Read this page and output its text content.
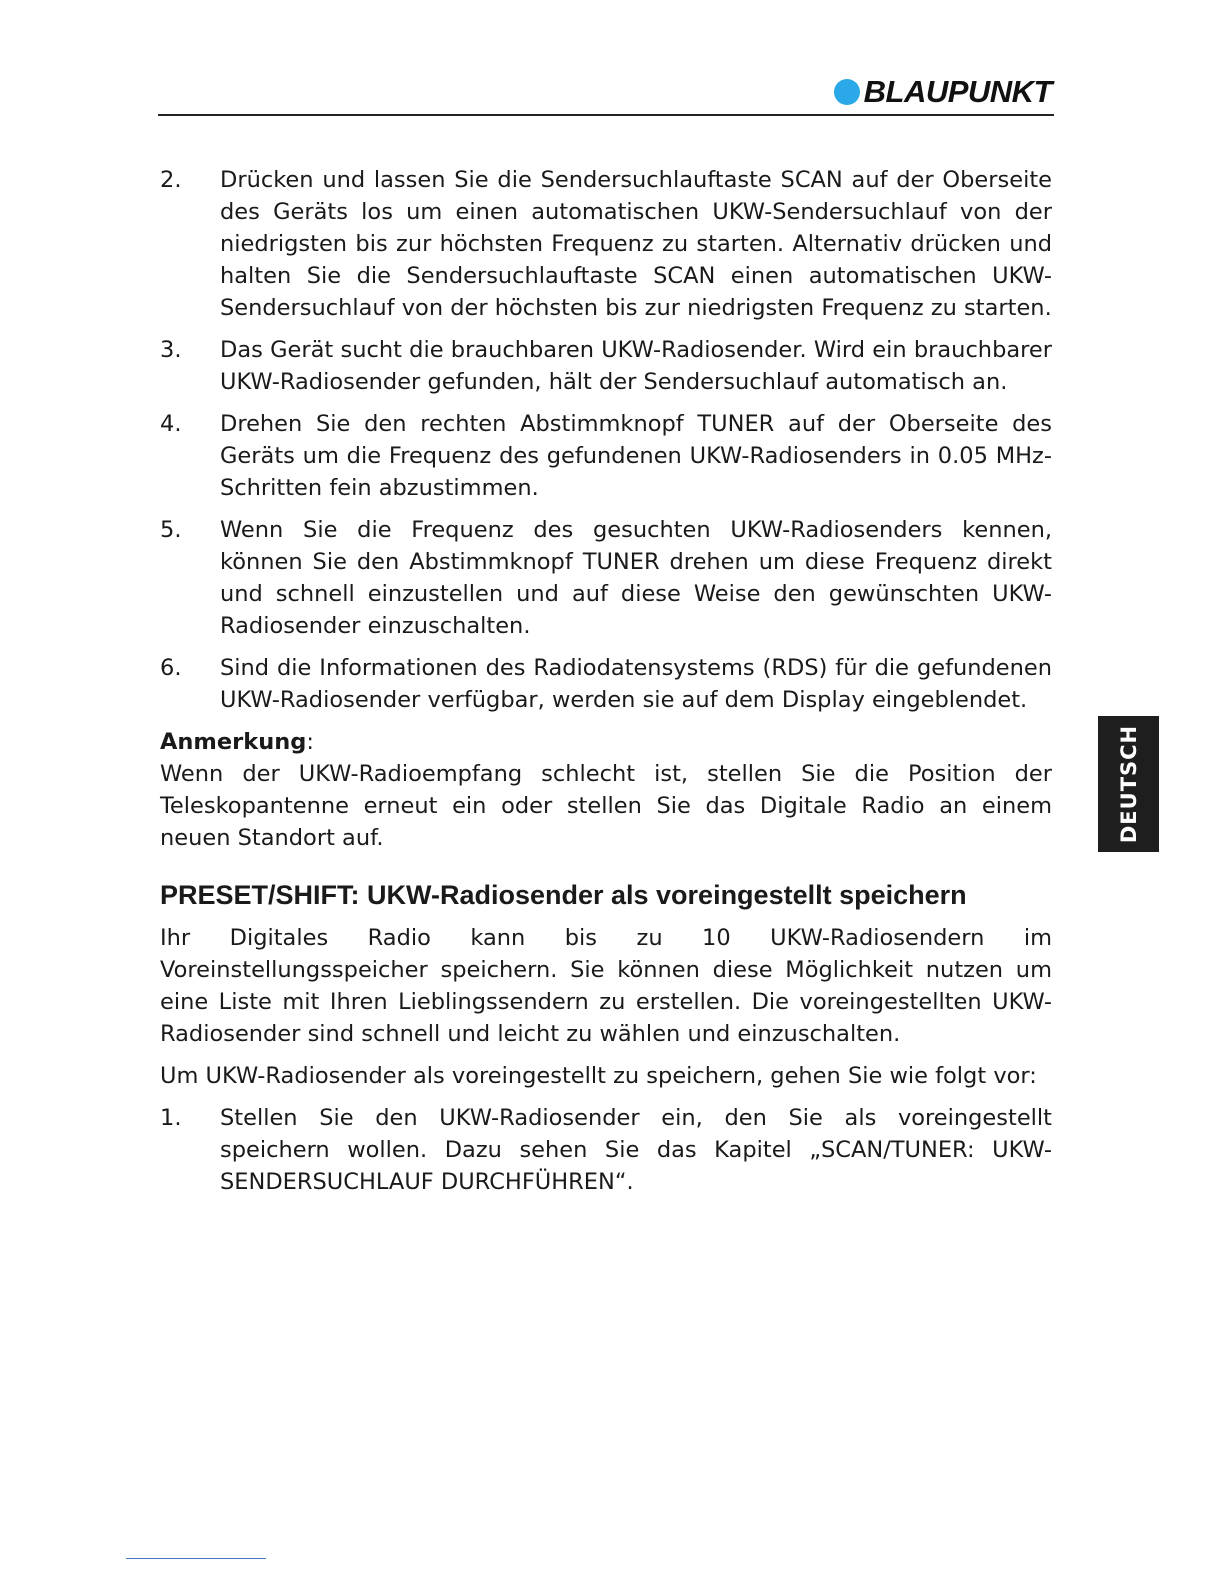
BLAUPUNKT
2.	Drücken und lassen Sie die Sendersuchlauftaste SCAN auf der Oberseite des Geräts los um einen automatischen UKW-Sendersuchlauf von der niedrigsten bis zur höchsten Frequenz zu starten. Alternativ drücken und halten Sie die Sendersuchlauftaste SCAN einen automatischen UKW-Sendersuchlauf von der höchsten bis zur niedrigsten Frequenz zu starten.
3.	Das Gerät sucht die brauchbaren UKW-Radiosender. Wird ein brauchbarer UKW-Radiosender gefunden, hält der Sendersuchlauf automatisch an.
4.	Drehen Sie den rechten Abstimmknopf TUNER auf der Oberseite des Geräts um die Frequenz des gefundenen UKW-Radiosenders in 0.05 MHz-Schritten fein abzustimmen.
5.	Wenn Sie die Frequenz des gesuchten UKW-Radiosenders kennen, können Sie den Abstimmknopf TUNER drehen um diese Frequenz direkt und schnell einzustellen und auf diese Weise den gewünschten UKW-Radiosender einzuschalten.
6.	Sind die Informationen des Radiodatensystems (RDS) für die gefundenen UKW-Radiosender verfügbar, werden sie auf dem Display eingeblendet.
Anmerkung:

Wenn der UKW-Radioempfang schlecht ist, stellen Sie die Position der Teleskopantenne erneut ein oder stellen Sie das Digitale Radio an einem neuen Standort auf.

PRESET/SHIFT: UKW-Radiosender als voreingestellt speichern

Ihr Digitales Radio kann bis zu 10 UKW-Radiosendern im Voreinstellungsspeicher speichern. Sie können diese Möglichkeit nutzen um eine Liste mit Ihren Lieblingssendern zu erstellen. Die voreingestellten UKW-Radiosender sind schnell und leicht zu wählen und einzuschalten.

Um UKW-Radiosender als voreingestellt zu speichern, gehen Sie wie folgt vor:

1.	Stellen Sie den UKW-Radiosender ein, den Sie als voreingestellt speichern wollen. Dazu sehen Sie das Kapitel „SCAN/TUNER: UKW-SENDERSUCHLAUF DURCHFÜHREN“.
DEUTSCH
